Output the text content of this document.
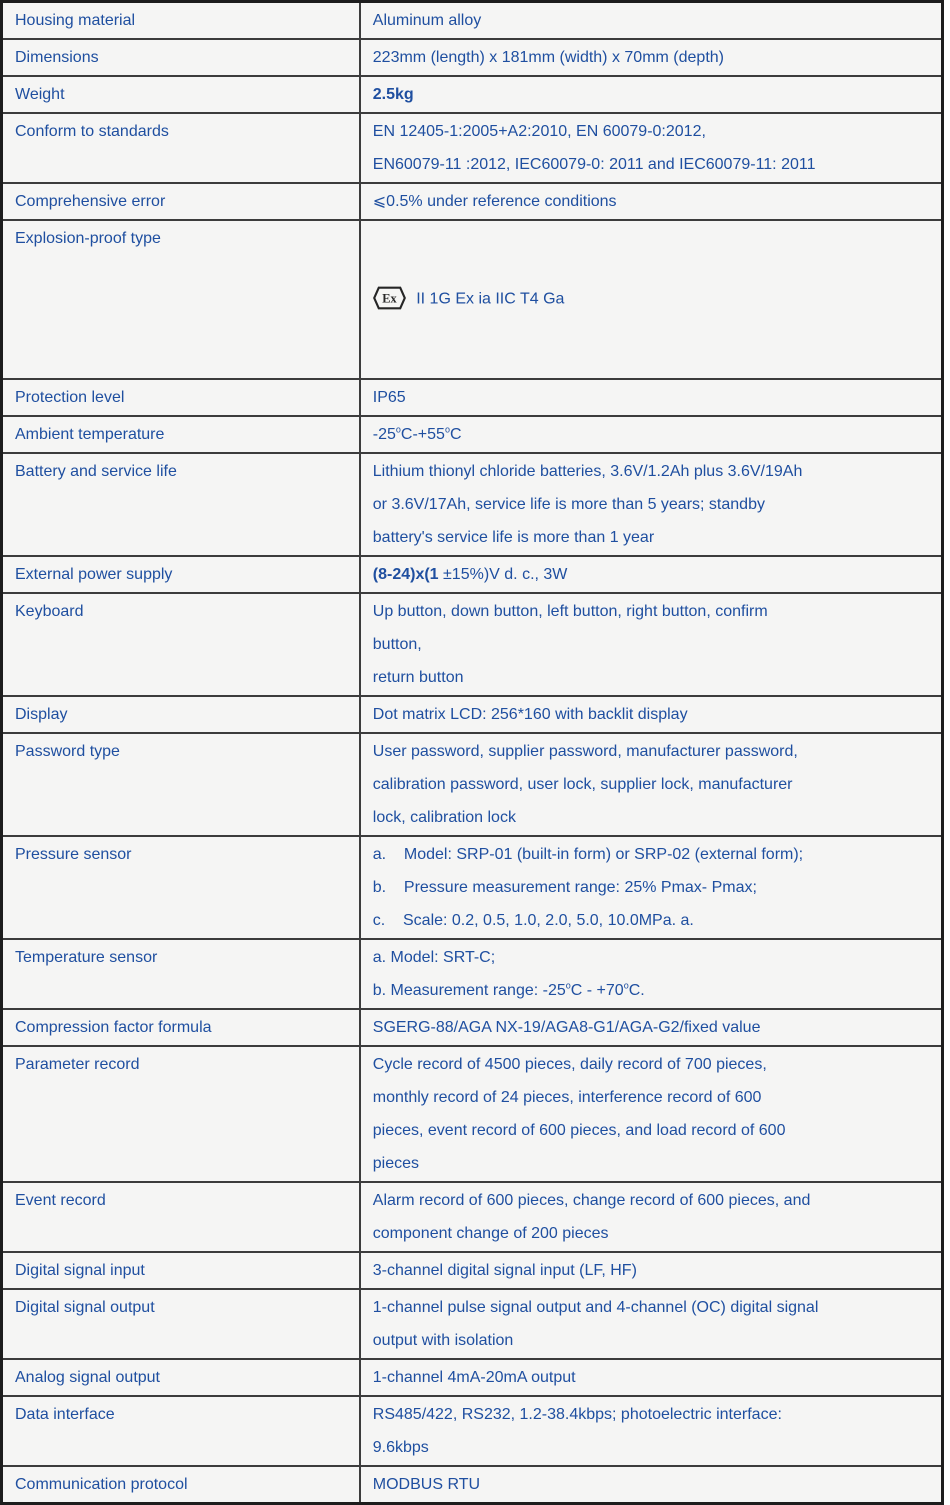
Housing material	Aluminum alloy

Dimensions	223mm (length) x 181mm (width) x 70mm (depth)

Weight	2.5kg

Conform to standards	EN 12405-1:2005+A2:2010, EN 60079-0:2012,
EN60079-11 :2012, IEC60079-0: 2011 and IEC60079-11: 2011

Comprehensive error	⩽0.5% under reference conditions

Explosion-proof type	Ex II 1G Ex ia IIC T4 Ga

Protection level	IP65

Ambient temperature	$-25^oC-+55^oC$

Battery and service life	Lithium thionyl chloride batteries, 3.6V/1.2Ah plus 3.6V/19Ah
or 3.6V/17Ah, service life is more than 5 years; standby
battery's service life is more than 1 year

External power supply	(8-24)x(1 ±15%)V d. c., 3W

Keyboard	Up button, down button, left button, right button, confirm
button,
return button

Display	Dot matrix LCD: 256*160 with backlit display

Password type	User password, supplier password, manufacturer password,
calibration password, user lock, supplier lock, manufacturer
lock, calibration lock

Pressure sensor	a.    Model: SRP-01 (built-in form) or SRP-02 (external form);
b.    Pressure measurement range: 25% Pmax- Pmax;
c.    Scale: 0.2, 0.5, 1.0, 2.0, 5.0, 10.0MPa. a.

Temperature sensor	a. Model: SRT-C;
b. Measurement range: $-25^oC - +70^oC$.

Compression factor formula	SGERG-88/AGA NX-19/AGA8-G1/AGA-G2/fixed value

Parameter record	Cycle record of 4500 pieces, daily record of 700 pieces,
monthly record of 24 pieces, interference record of 600
pieces, event record of 600 pieces, and load record of 600
pieces

Event record	Alarm record of 600 pieces, change record of 600 pieces, and
component change of 200 pieces

Digital signal input	3-channel digital signal input (LF, HF)

Digital signal output	1-channel pulse signal output and 4-channel (OC) digital signal
output with isolation

Analog signal output	1-channel 4mA-20mA output

Data interface	RS485/422, RS232, 1.2-38.4kbps; photoelectric interface:
9.6kbps

Communication protocol	MODBUS RTU
